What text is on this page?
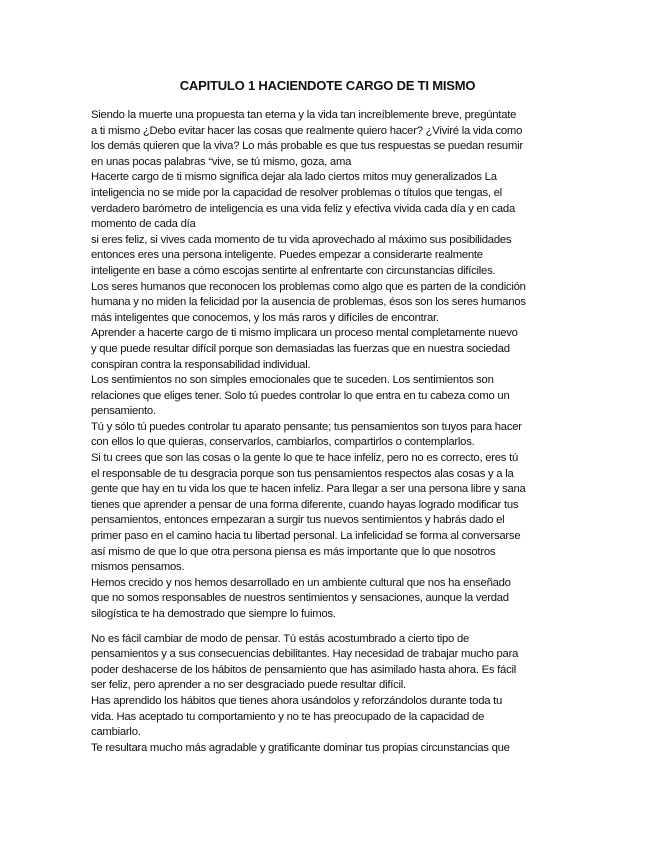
CAPITULO 1 HACIENDOTE CARGO DE TI MISMO
Siendo la muerte una propuesta tan eterna y la vida tan increíblemente breve, pregúntate
a ti mismo ¿Debo evitar hacer las cosas que realmente quiero hacer? ¿Viviré la vida como
los demás quieren que la viva? Lo más probable es que tus respuestas se puedan resumir
en unas pocas palabras “vive, se tú mismo, goza, ama
Hacerte cargo de ti mismo significa dejar ala lado ciertos mitos muy generalizados La
inteligencia no se mide por la capacidad de resolver problemas o títulos que tengas, el
verdadero barómetro de inteligencia es una vida feliz y efectiva vivida cada día y en cada
momento de cada día
si eres feliz, si vives cada momento de tu vida aprovechado al máximo sus posibilidades
entonces eres una persona inteligente. Puedes empezar a considerarte realmente
inteligente en base a cómo escojas sentirte al enfrentarte con circunstancias difíciles.
Los seres humanos que reconocen los problemas como algo que es parten de la condición
humana y no miden la felicidad por la ausencia de problemas, ésos son los seres humanos
más inteligentes que conocemos, y los más raros y difíciles de encontrar.
Aprender a hacerte cargo de ti mismo implicara un proceso mental completamente nuevo
y que puede resultar difícil porque son demasiadas las fuerzas que en nuestra sociedad
conspiran contra la responsabilidad individual.
Los sentimientos no son simples emocionales que te suceden. Los sentimientos son
relaciones que eliges tener. Solo tú puedes controlar lo que entra en tu cabeza como un
pensamiento.
Tú y sólo tú puedes controlar tu aparato pensante; tus pensamientos son tuyos para hacer
con ellos lo que quieras, conservarlos, cambiarlos, compartirlos o contemplarlos.
Si tu crees que son las cosas o la gente lo que te hace infeliz, pero no es correcto, eres tú
el responsable de tu desgracia porque son tus pensamientos respectos alas cosas y a la
gente que hay en tu vida los que te hacen infeliz. Para llegar a ser una persona libre y sana
tienes que aprender a pensar de una forma diferente, cuando hayas logrado modificar tus
pensamientos, entonces empezaran a surgir tus nuevos sentimientos y habrás dado el
primer paso en el camino hacia tu libertad personal. La infelicidad se forma al conversarse
así mismo de que lo que otra persona piensa es más importante que lo que nosotros
mismos pensamos.
Hemos crecido y nos hemos desarrollado en un ambiente cultural que nos ha enseñado
que no somos responsables de nuestros sentimientos y sensaciones, aunque la verdad
silogística te ha demostrado que siempre lo fuimos.
No es fácil cambiar de modo de pensar. Tú estás acostumbrado a cierto tipo de
pensamientos y a sus consecuencias debilitantes. Hay necesidad de trabajar mucho para
poder deshacerse de los hábitos de pensamiento que has asimilado hasta ahora. Es fácil
ser feliz, pero aprender a no ser desgraciado puede resultar difícil.
Has aprendido los hábitos que tienes ahora usándolos y reforzándolos durante toda tu
vida. Has aceptado tu comportamiento y no te has preocupado de la capacidad de
cambiarlo.
Te resultara mucho más agradable y gratificante dominar tus propias circunstancias que
